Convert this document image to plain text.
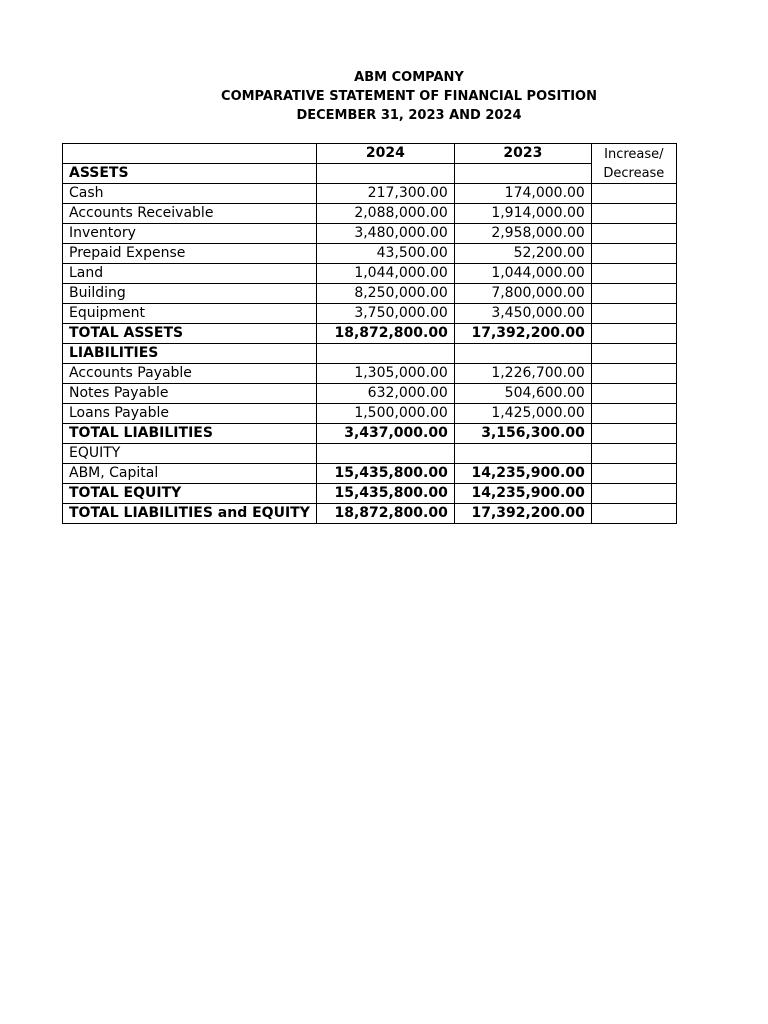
ABM COMPANY
COMPARATIVE STATEMENT OF FINANCIAL POSITION
DECEMBER 31, 2023 AND 2024
	2024	2023	Increase/
Decrease
ASSETS			
Cash	217,300.00	174,000.00	
Accounts Receivable	2,088,000.00	1,914,000.00	
Inventory	3,480,000.00	2,958,000.00	
Prepaid Expense	43,500.00	52,200.00	
Land	1,044,000.00	1,044,000.00	
Building	8,250,000.00	7,800,000.00	
Equipment	3,750,000.00	3,450,000.00	
TOTAL ASSETS	18,872,800.00	17,392,200.00	
LIABILITIES			
Accounts Payable	1,305,000.00	1,226,700.00	
Notes Payable	632,000.00	504,600.00	
Loans Payable	1,500,000.00	1,425,000.00	
TOTAL LIABILITIES	3,437,000.00	3,156,300.00	
EQUITY			
ABM, Capital	15,435,800.00	14,235,900.00	
TOTAL EQUITY	15,435,800.00	14,235,900.00	
TOTAL LIABILITIES and EQUITY	18,872,800.00	17,392,200.00	
